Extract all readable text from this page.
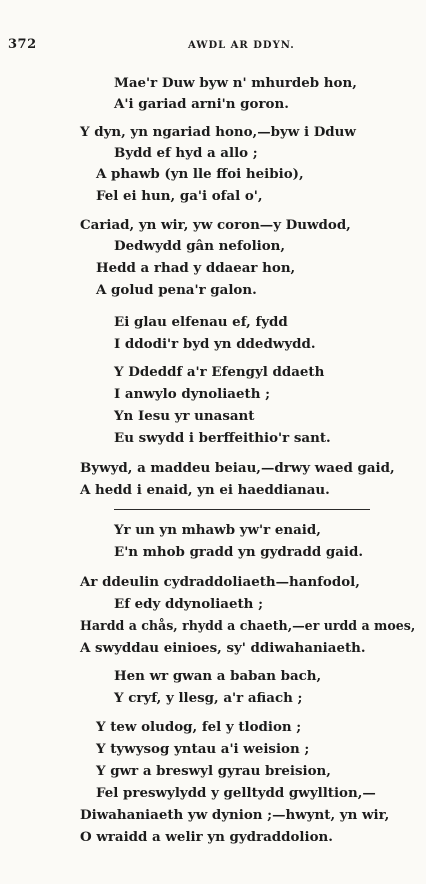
372	AWDL AR DDYN.
Mae'r Duw byw n' mhurdeb hon,
A'i gariad arni'n goron.
Y dyn, yn ngariad hono,—byw i Dduw
Bydd ef hyd a allo ;
A phawb (yn lle ffoi heibio),
Fel ei hun, ga'i ofal o',
Cariad, yn wir, yw coron—y Duwdod,
Dedwydd gân nefolion,
Hedd a rhad y ddaear hon,
A golud pena'r galon.
Ei glau elfenau ef, fydd
I ddodi'r byd yn ddedwydd.
Y Ddeddf a'r Efengyl ddaeth
I anwylo dynoliaeth ;
Yn Iesu yr unasant
Eu swydd i berffeithio'r sant.
Bywyd, a maddeu beiau,—drwy waed gaid,
A hedd i enaid, yn ei haeddianau.
Yr un yn mhawb yw'r enaid,
E'n mhob gradd yn gydradd gaid.
Ar ddeulin cydraddoliaeth—hanfodol,
Ef edy ddynoliaeth ;
Hardd a chås, rhydd a chaeth,—er urdd a moes,
A swyddau einioes, sy' ddiwahaniaeth.
Hen wr gwan a baban bach,
Y cryf, y llesg, a'r afiach ;
Y tew oludog, fel y tlodion ;
Y tywysog yntau a'i weision ;
Y gwr a breswyl gyrau breision,
Fel preswylydd y gelltydd gwylltion,—
Diwahaniaeth yw dynion ;—hwynt, yn wir,
O wraidd a welir yn gydraddolion.
